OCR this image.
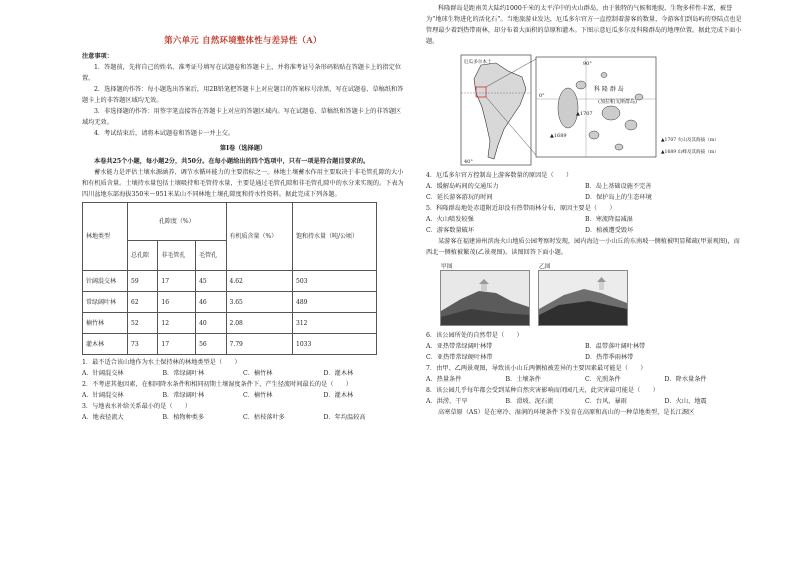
第六单元 自然环境整体性与差异性（A）

注意事项：

1．答题前，先将自己的姓名、准考证号填写在试题卷和答题卡上，并将准考证号条形码粘贴在答题卡上的指定位置。

2．选择题的作答：每小题选出答案后，用2B铅笔把答题卡上对应题目的答案标号涂黑，写在试题卷、草稿纸和答题卡上的非答题区域均无效。

3．非选择题的作答：用签字笔直接答在答题卡上对应的答题区域内。写在试题卷、草稿纸和答题卡上的非答题区域均无效。

4．考试结束后，请将本试题卷和答题卡一并上交。

第Ⅰ卷（选择题）

本卷共25个小题，每小题2分，共50分。在每小题给出的四个选项中，只有一项是符合题目要求的。

蓄水能力是评估土壤水源涵养、调节水循环能力的主要指标之一。林地土壤蓄水作用主要取决于非毛管孔隙的大小和有机质含量。土壤持水量包括土壤吸持和毛管持水量，主要是通过毛管孔隙和非毛管孔隙中的水分来实现的。下表为四川盆地东部海拔350米～951米某山不同林地土壤孔隙度和持水性资料。据此完成下列各题。

林地类型	孔隙度（%）			有机质含量（%）	饱和持水量（吨/公顷）
	总孔隙	非毛管孔	毛管孔		
针阔混交林	59	17	45	4.62	503
常绿阔叶林	62	16	46	3.65	489
楠竹林	52	12	40	2.08	312
灌木林	73	17	56	7.79	1033

1．最不适合该山地作为水土保持林的林地类型是（　　）

A．针阔混交林	B．常绿阔叶林	C．楠竹林	D．灌木林

2．不考虑其他因素，在相同降水条件和相同初期土壤湿度条件下，产生径流时间最长的是（　　）

A．针阔混交林	B．常绿阔叶林	C．楠竹林	D．灌木林

3．与地表水补给关系最小的是（　　）

A．地表径流大	B．植物种类多	C．枯枝落叶多	D．年均温较高

科隆群岛是距南美大陆约1000千米的太平洋中的火山群岛，由于独特的气候和地貌，生物多样性丰富，被誉为“地球生物进化的活化石”。当地旅游业发达，厄瓜多尔官方一直控制着游客的数量，今游客们到岛屿的登陆点也是管理最少着到热带雨林，却分布着大面积的草原和灌木。下图示意厄瓜多尔及科隆群岛的地理位置。据此完成下面小题。

科 隆 群 岛
(加拉帕戈斯群岛)
0°
90°
▲1707
▲1689
40°
厄瓜多尔本土
▲1707 火山及其海拔（m）
▲1689 山峰及其海拔（m）

4．厄瓜多尔官方控制岛上游客数量的原因是（　　）

A．缓解岛屿间的交通压力	B．岛上基础设施不完善
C．延长游客游玩的时间	D．保护岛上的生态环境

5．科隆群岛地处赤道附近却没有热带雨林分布，原因主要是（　　）

A．火山喷发较强	B．寒流降温减湿
C．游客数量破坏	D．植被遭受毁坏

某游客在福建漳州滨海火山地质公园考察时发现，园内海边一小山丘的东南坡一侧植被明显稀疏(甲景观图)，而西北一侧植被繁茂(乙景观图)。读图回答下面小题。

甲图	乙图

6．该公园所处的自然带是（　　）

A．亚热带常绿阔叶林带	B．温带落叶阔叶林带
C．亚热带常绿硬叶林带	D．热带季雨林带

7．由甲、乙两景观图，导致该小山丘两侧植被差异的主要因素最可能是（　　）

A．热量条件	B．土壤条件	C．光照条件	D．降水量条件

8．该公园几乎每年都会受到某种自然灾害影响而闭园几天，此灾害最可能是（　　）

A．洪涝、干旱	B．滑坡、泥石流	C．台风、暴雨	D．火山、地震

高寒草原（AS）是在寒冷、湿润的环境条件下发育在高原和高山的一种草地类型，是长江源区
